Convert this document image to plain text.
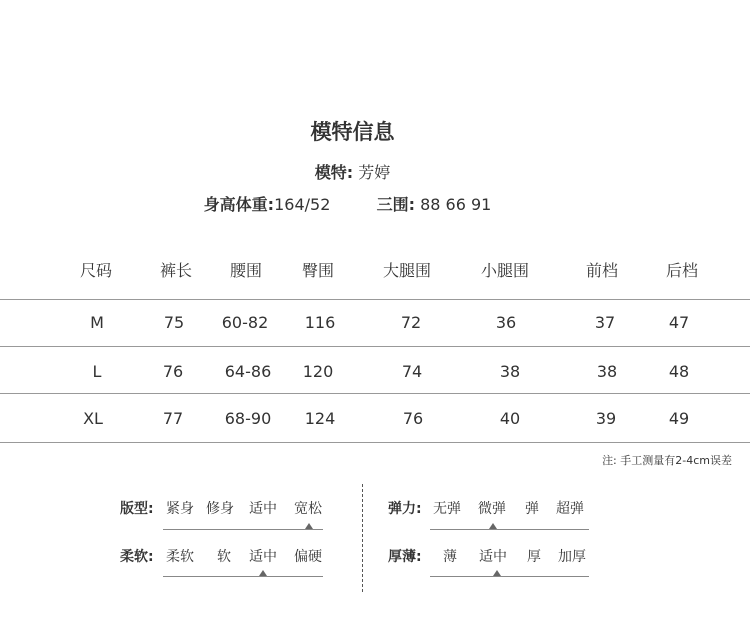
模特信息
模特: 芳婷
身高体重:164/52	三围: 88 66 91
尺码	裤长 腰围 臀围	大腿围	小腿围	前档	后档
M	75 60-82 116	72	36	37	47
L	76	64-86 120	74	38	38	48
XL	77	68-90 124	76	40	39	49
注: 手工测量有2-4cm误差
版型: 紧身 修身 适中 宽松
柔软: 柔软 软 适中 偏硬
弹力: 无弹 微弹 弹 超弹
厚薄: 薄 适中 厚 加厚
